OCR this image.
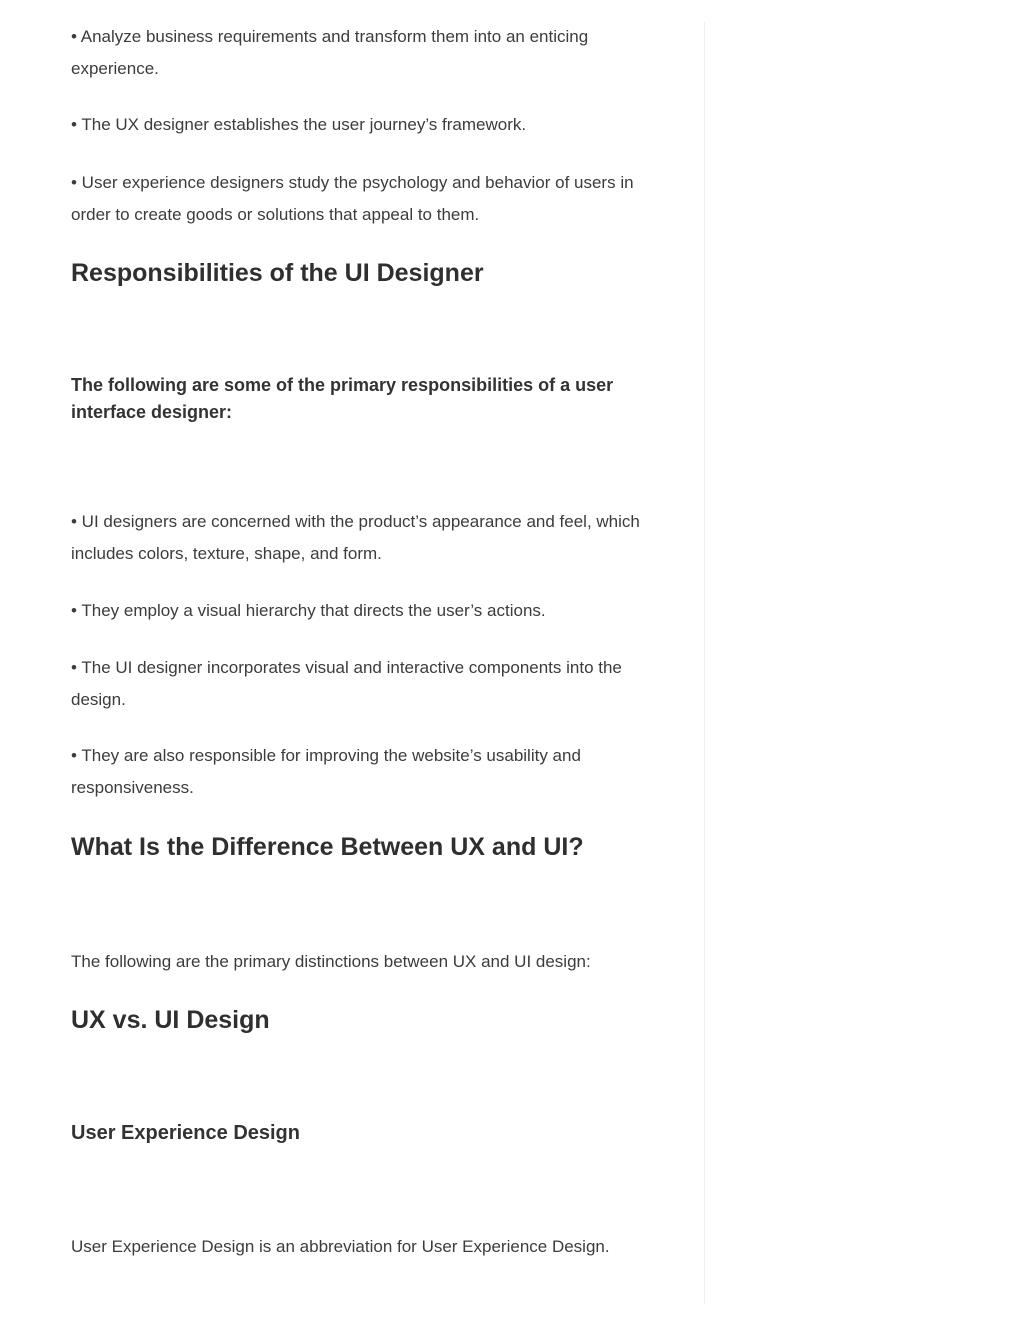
• Analyze business requirements and transform them into an enticing experience.

• The UX designer establishes the user journey’s framework.

• User experience designers study the psychology and behavior of users in order to create goods or solutions that appeal to them.

Responsibilities of the UI Designer

The following are some of the primary responsibilities of a user interface designer:

• UI designers are concerned with the product’s appearance and feel, which includes colors, texture, shape, and form.

• They employ a visual hierarchy that directs the user’s actions.

• The UI designer incorporates visual and interactive components into the design.

• They are also responsible for improving the website’s usability and responsiveness.

What Is the Difference Between UX and UI?

The following are the primary distinctions between UX and UI design:

UX vs. UI Design
User Experience Design

User Experience Design is an abbreviation for User Experience Design.
